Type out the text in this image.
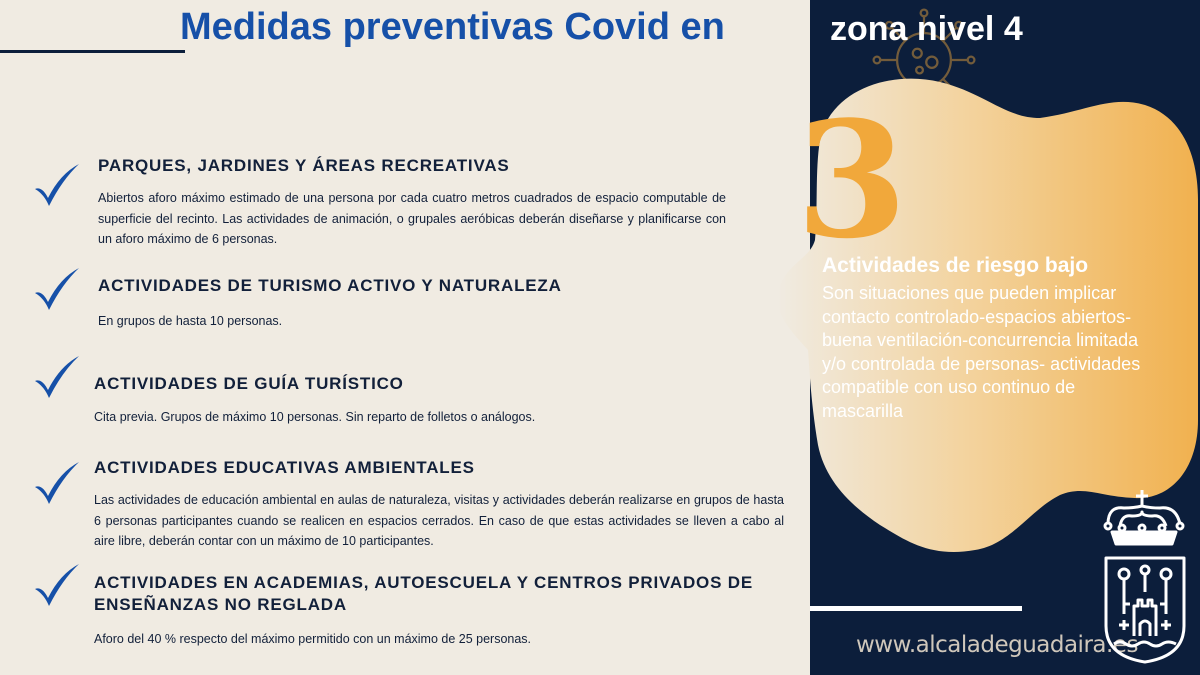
Medidas preventivas Covid en	zona nivel 4
PARQUES, JARDINES Y ÁREAS RECREATIVAS
Abiertos aforo máximo estimado de una persona por cada cuatro metros cuadrados de espacio computable de superficie del recinto. Las actividades de animación, o grupales aeróbicas deberán diseñarse y planificarse con un aforo máximo de 6 personas.
ACTIVIDADES DE TURISMO ACTIVO Y NATURALEZA
En grupos de hasta 10 personas.
ACTIVIDADES DE GUÍA TURÍSTICO
Cita previa. Grupos de máximo 10 personas. Sin reparto de folletos o análogos.
ACTIVIDADES EDUCATIVAS AMBIENTALES
Las actividades de educación ambiental en aulas de naturaleza, visitas y actividades deberán realizarse en grupos de hasta 6 personas participantes cuando se realicen en espacios cerrados. En caso de que estas actividades se lleven a cabo al aire libre, deberán contar con un máximo de 10 participantes.
ACTIVIDADES EN ACADEMIAS, AUTOESCUELA Y CENTROS PRIVADOS DE ENSEÑANZAS NO REGLADA
Aforo del 40 % respecto del máximo permitido con un máximo de 25 personas.
3
Actividades de riesgo bajo
Son situaciones que pueden implicar
contacto controlado-espacios abiertos-
buena ventilación-concurrencia limitada
y/o controlada de personas- actividades
compatible con uso continuo de
mascarilla
www.alcaladeguadaira.es
